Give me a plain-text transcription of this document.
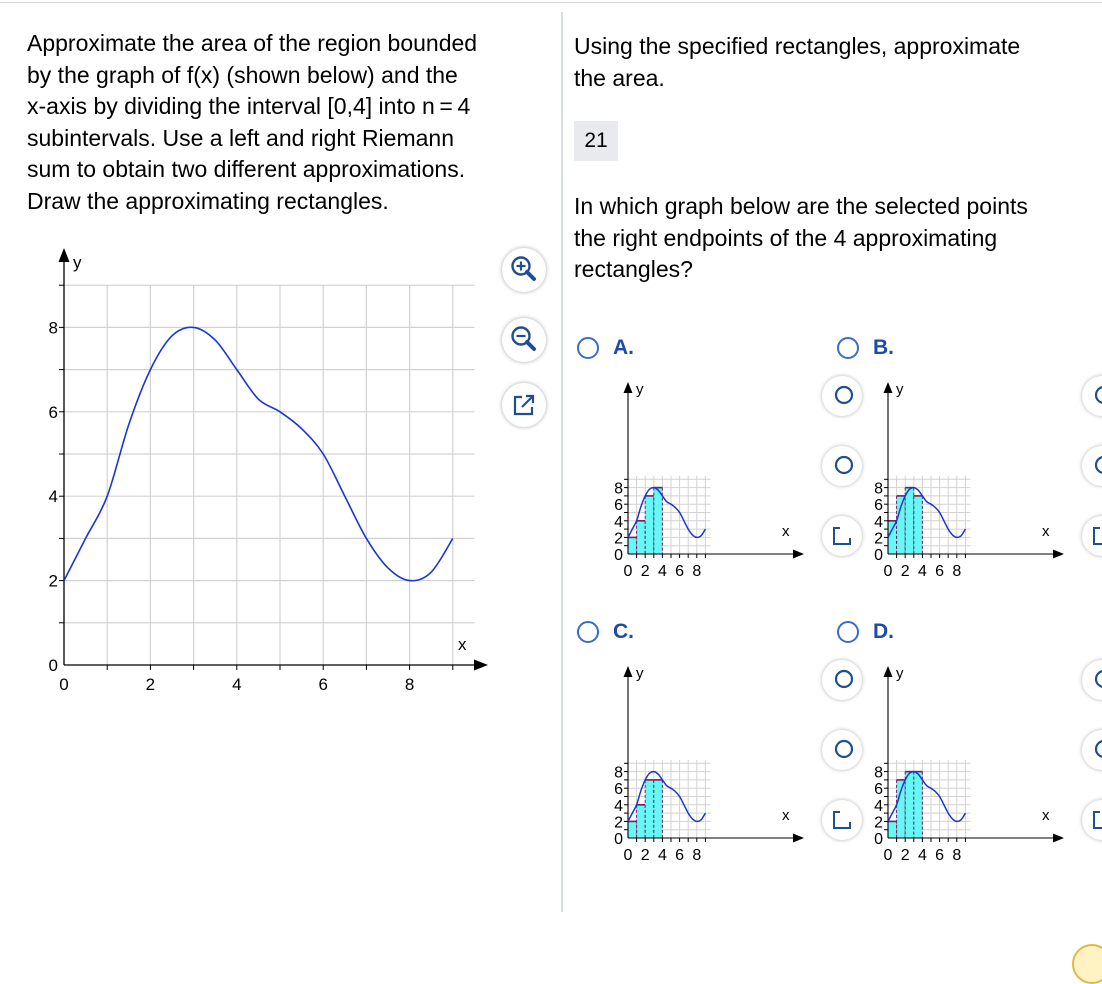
Approximate the area of the region bounded
by the graph of f(x) (shown below) and the
x-axis by dividing the interval [0,4] into n = 4
subintervals. Use a left and right Riemann
sum to obtain two different approximations.
Draw the approximating rectangles.
y
x
0	2	4	6	8
0
2
4
6
8
Using the specified rectangles, approximate
the area.
21
In which graph below are the selected points
the right endpoints of the 4 approximating
rectangles?
A.
y
x
0 2 4 6 8
0
2
4
6
8
B.
y
x
0 2 4 6 8
0
2
4
6
8
C.
y
x
0 2 4 6 8
0
2
4
6
8
D.
y
x
0 2 4 6 8
0
2
4
6
8
